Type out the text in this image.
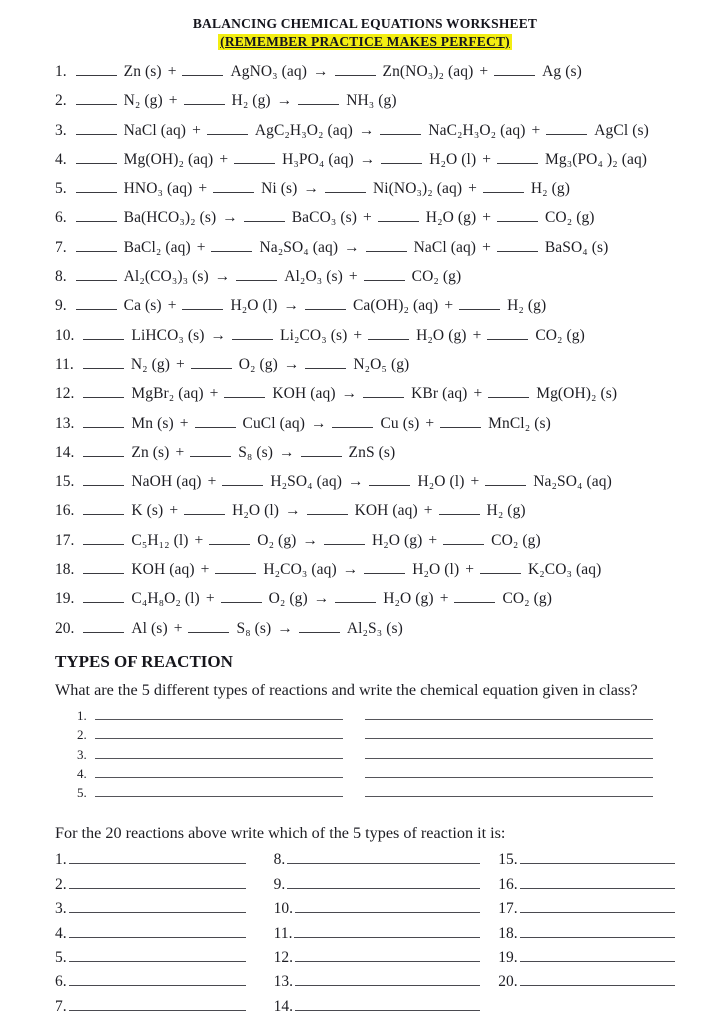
BALANCING CHEMICAL EQUATIONS WORKSHEET
(REMEMBER PRACTICE MAKES PERFECT)
1.	Zn (s) +	AgNO₃ (aq) →	Zn(NO₃)₂ (aq) +	Ag (s)
2.	N₂ (g) +	H₂ (g) →	NH₃ (g)
3.	NaCl (aq) +	AgC₂H₃O₂ (aq) →	NaC₂H₃O₂ (aq) +	AgCl (s)
4.	Mg(OH)₂ (aq) +	H₃PO₄ (aq) →	H₂O (l) +	Mg₃(PO₄ )₂ (aq)
5.	HNO₃ (aq) +	Ni (s) →	Ni(NO₃)₂ (aq) +	H₂ (g)
6.	Ba(HCO₃)₂ (s) →	BaCO₃ (s) +	H₂O (g) +	CO₂ (g)
7.	BaCl₂ (aq) +	Na₂SO₄ (aq) →	NaCl (aq) +	BaSO₄ (s)
8.	Al₂(CO₃)₃ (s) →	Al₂O₃ (s) +	CO₂ (g)
9.	Ca (s) +	H₂O (l) →	Ca(OH)₂ (aq) +	H₂ (g)
10.	LiHCO₃ (s) →	Li₂CO₃ (s) +	H₂O (g) +	CO₂ (g)
11.	N₂ (g) +	O₂ (g) →	N₂O₅ (g)
12.	MgBr₂ (aq) +	KOH (aq) →	KBr (aq) +	Mg(OH)₂ (s)
13.	Mn (s) +	CuCl (aq) →	Cu (s) +	MnCl₂ (s)
14.	Zn (s) +	S₈ (s) →	ZnS (s)
15.	NaOH (aq) +	H₂SO₄ (aq) →	H₂O (l) +	Na₂SO₄ (aq)
16.	K (s) +	H₂O (l) →	KOH (aq) +	H₂ (g)
17.	C₅H₁₂ (l) +	O₂ (g) →	H₂O (g) +	CO₂ (g)
18.	KOH (aq) +	H₂CO₃ (aq) →	H₂O (l) +	K₂CO₃ (aq)
19.	C₄H₈O₂ (l) +	O₂ (g) →	H₂O (g) +	CO₂ (g)
20.	Al (s) +	S₈ (s) →	Al₂S₃ (s)
TYPES OF REACTION
What are the 5 different types of reactions and write the chemical equation given in class?
1.
2.
3.
4.
5.
For the 20 reactions above write which of the 5 types of reaction it is:
1.
2.
3.
4.
5.
6.
7.
8.
9.
10.
11.
12.
13.
14.
15.
16.
17.
18.
19.
20.
